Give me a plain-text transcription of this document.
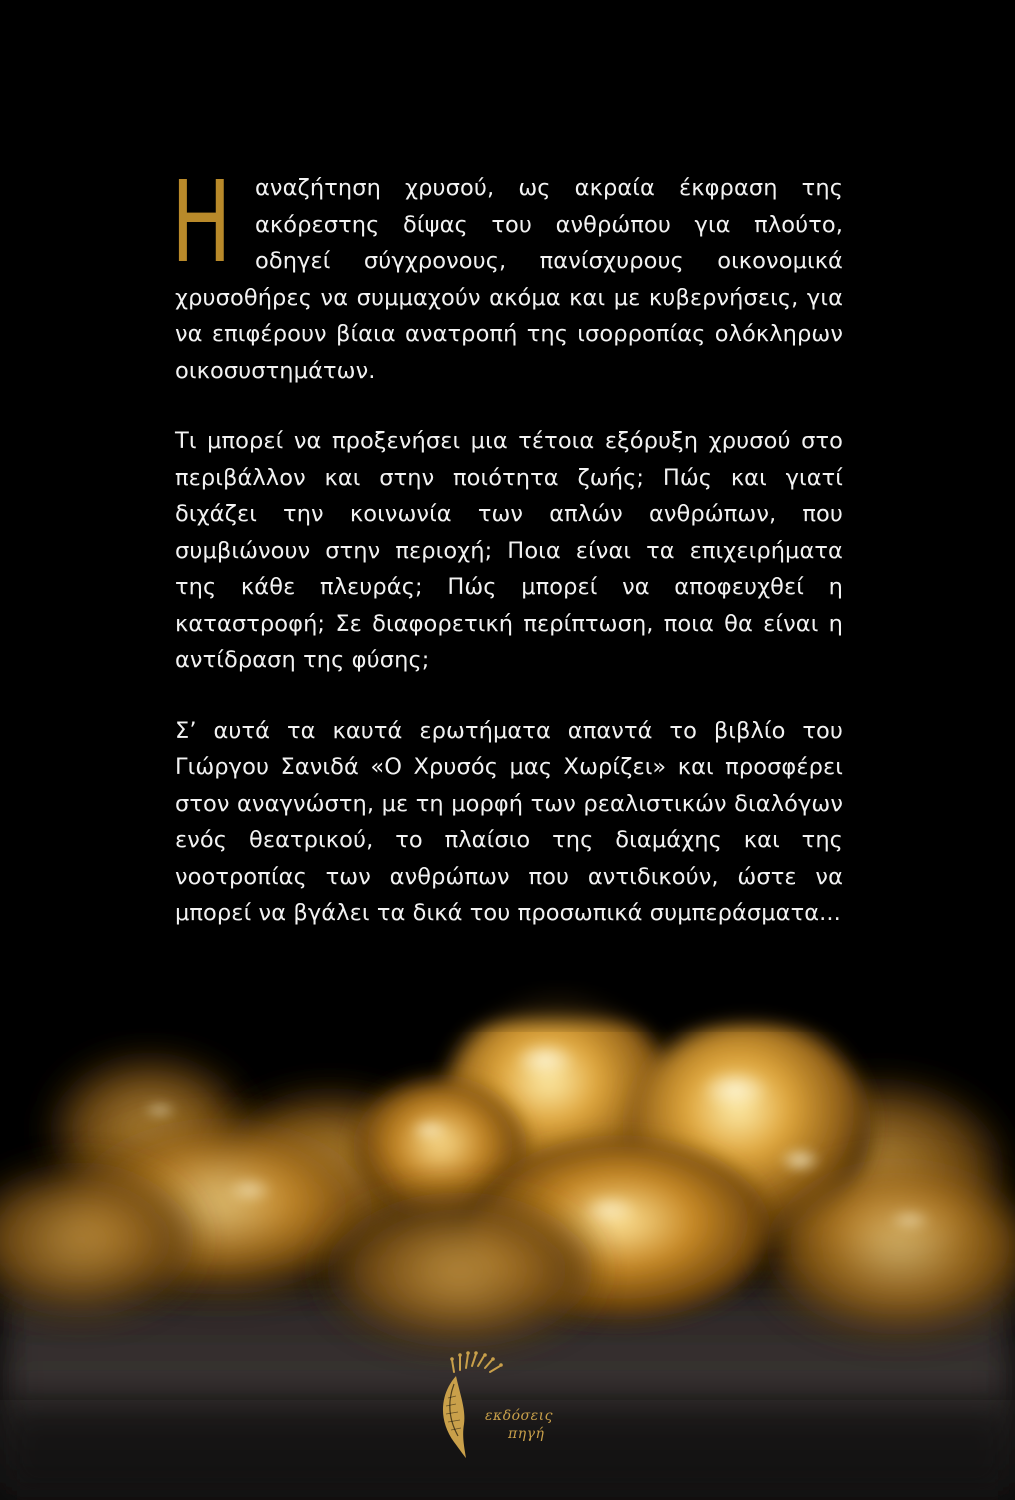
Η αναζήτηση χρυσού, ως ακραία έκφραση της ακόρεστης δίψας του ανθρώπου για πλούτο, οδηγεί σύγχρονους, πανίσχυρους οικονομικά χρυσοθήρες να συμμαχούν ακόμα και με κυβερνήσεις, για να επιφέρουν βίαια ανατροπή της ισορροπίας ολόκληρων οικοσυστημάτων.

Τι μπορεί να προξενήσει μια τέτοια εξόρυξη χρυσού στο περιβάλλον και στην ποιότητα ζωής; Πώς και γιατί διχάζει την κοινωνία των απλών ανθρώπων, που συμβιώνουν στην περιοχή; Ποια είναι τα επιχειρήματα της κάθε πλευράς; Πώς μπορεί να αποφευχθεί η καταστροφή; Σε διαφορετική περίπτωση, ποια θα είναι η αντίδραση της φύσης;

Σ’ αυτά τα καυτά ερωτήματα απαντά το βιβλίο του Γιώργου Σανιδά «Ο Χρυσός μας Χωρίζει» και προσφέρει στον αναγνώστη, με τη μορφή των ρεαλιστικών διαλόγων ενός θεατρικού, το πλαίσιο της διαμάχης και της νοοτροπίας των ανθρώπων που αντιδικούν, ώστε να μπορεί να βγάλει τα δικά του προσωπικά συμπεράσματα...

εκδόσεις
πηγή
